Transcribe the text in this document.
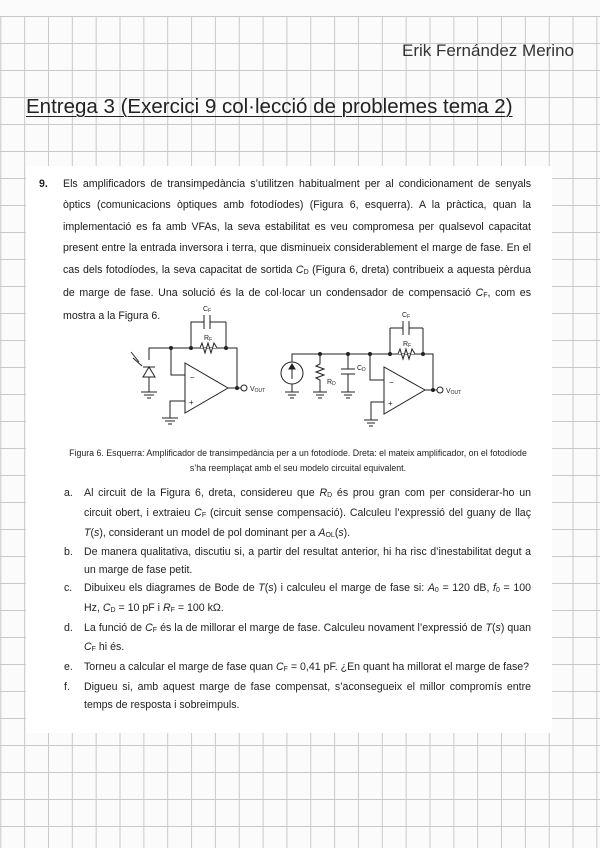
Erik Fernández Merino
Entrega 3 (Exercici 9 col·lecció de problemes tema 2)
9. Els amplificadors de transimpedància s’utilitzen habitualment per al condicionament de senyals òptics (comunicacions òptiques amb fotodíodes) (Figura 6, esquerra). A la pràctica, quan la implementació es fa amb VFAs, la seva estabilitat es veu compromesa per qualsevol capacitat present entre la entrada inversora i terra, que disminueix considerablement el marge de fase. En el cas dels fotodíodes, la seva capacitat de sortida $C_D$ (Figura 6, dreta) contribueix a aquesta pèrdua de marge de fase. Una solució és la de col·locar un condensador de compensació $C_F$, com es mostra a la Figura 6.
CF
RF
−
+
VOUT
CF
RF
RD
CD
−
+
VOUT
Figura 6. Esquerra: Amplificador de transimpedància per a un fotodíode. Dreta: el mateix amplificador, on el fotodíode s’ha reemplaçat amb el seu modelo circuital equivalent.
a. Al circuit de la Figura 6, dreta, considereu que $R_D$ és prou gran com per considerar-ho un circuit obert, i extraieu $C_F$ (circuit sense compensació). Calculeu l’expressió del guany de llaç T(s), considerant un model de pol dominant per a $A_{OL}(s)$.
b. De manera qualitativa, discutiu si, a partir del resultat anterior, hi ha risc d’inestabilitat degut a un marge de fase petit.
c. Dibuixeu els diagrames de Bode de T(s) i calculeu el marge de fase si: $A_0 = 120$ dB, $f_0 = 100$ Hz, $C_D = 10$ pF i $R_F = 100$ kΩ.
d. La funció de $C_F$ és la de millorar el marge de fase. Calculeu novament l’expressió de T(s) quan $C_F$ hi és.
e. Torneu a calcular el marge de fase quan $C_F = 0,41$ pF. ¿En quant ha millorat el marge de fase?
f. Digueu si, amb aquest marge de fase compensat, s’aconsegueix el millor compromís entre temps de resposta i sobreimpuls.
